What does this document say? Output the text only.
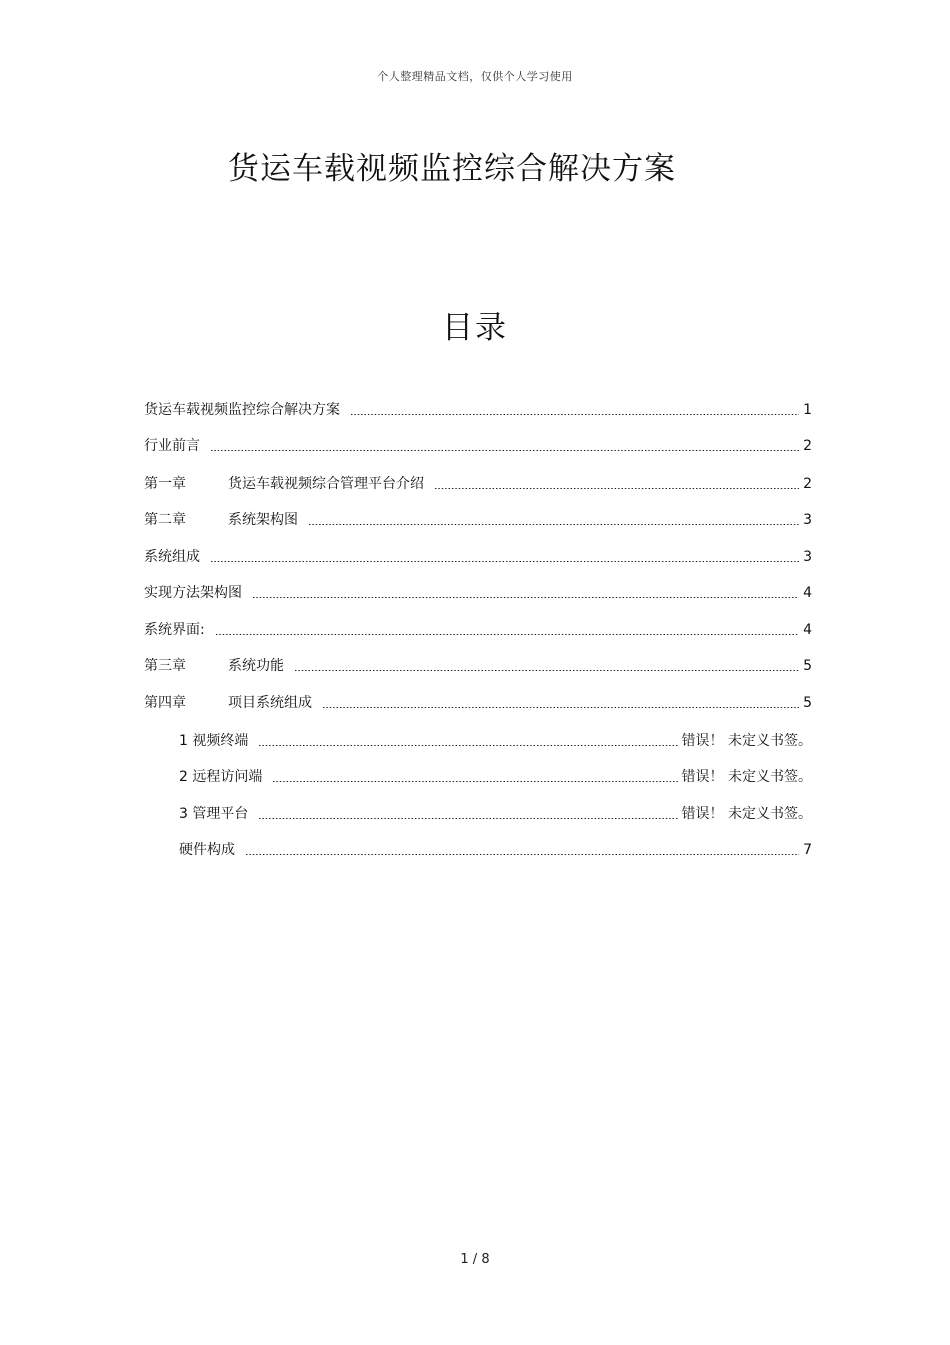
个人整理精品文档，仅供个人学习使用
货运车载视频监控综合解决方案
目录
货运车载视频监控综合解决方案	1
行业前言	2
第一章	货运车载视频综合管理平台介绍	2
第二章	系统架构图	3
系统组成	3
实现方法架构图	4
系统界面:	4
第三章	系统功能	5
第四章	项目系统组成	5
1 视频终端	错误！ 未定义书签。
2 远程访问端	错误！ 未定义书签。
3 管理平台	错误！ 未定义书签。
硬件构成	7
1 / 8
